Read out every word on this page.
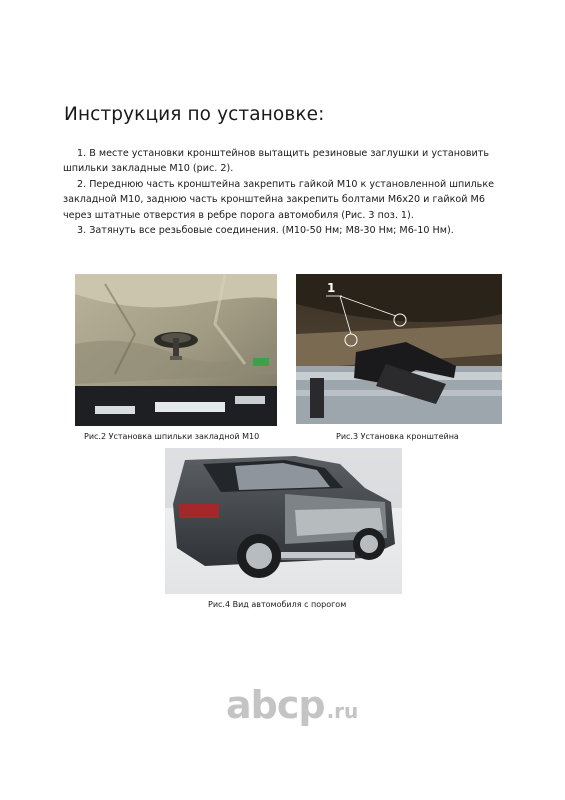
Инструкция по установке:

1. В месте установки кронштейнов вытащить резиновые заглушки и установить

шпильки закладные М10 (рис. 2).

2. Переднюю часть кронштейна закрепить гайкой М10 к установленной шпильке

закладной М10, заднюю часть кронштейна закрепить болтами М6х20 и гайкой М6

через штатные отверстия в ребре порога автомобиля (Рис. 3 поз. 1).

3. Затянуть все резьбовые соединения. (М10-50 Нм; М8-30 Нм; М6-10 Нм).

Рис.2 Установка шпильки закладной М10
1
Рис.3 Установка кронштейна
Рис.4 Вид автомобиля с порогом
abcp .ru
